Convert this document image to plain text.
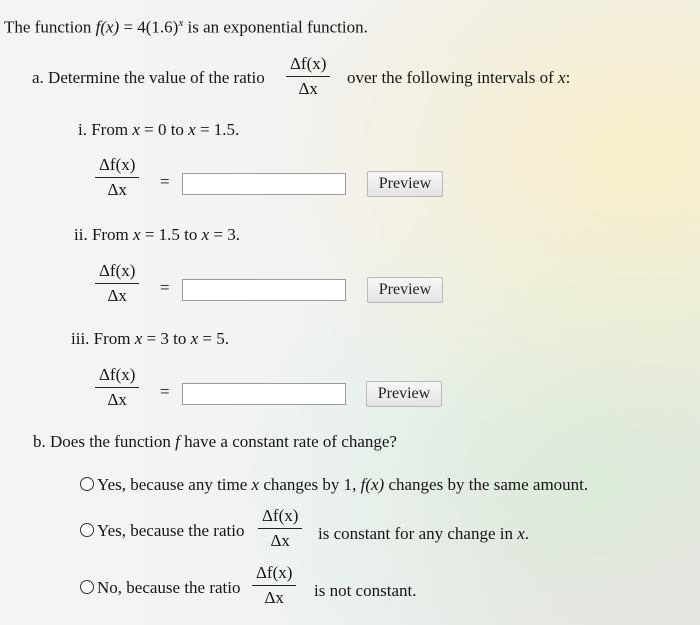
The function $f(x) = 4(1.6)^x$ is an exponential function.
a. Determine the value of the ratio
Δf(x)
Δx
over the following intervals of x:
i. From x = 0 to x = 1.5.
Δf(x)
Δx =	Preview
ii. From x = 1.5 to x = 3.
Δf(x)
Δx =	Preview
iii. From x = 3 to x = 5.
Δf(x)
Δx =	Preview
b. Does the function f have a constant rate of change?
Yes, because any time x changes by 1, f(x) changes by the same amount.
Yes, because the ratio
Δf(x)
Δx is constant for any change in x.
No, because the ratio
Δf(x)
Δx is not constant.
